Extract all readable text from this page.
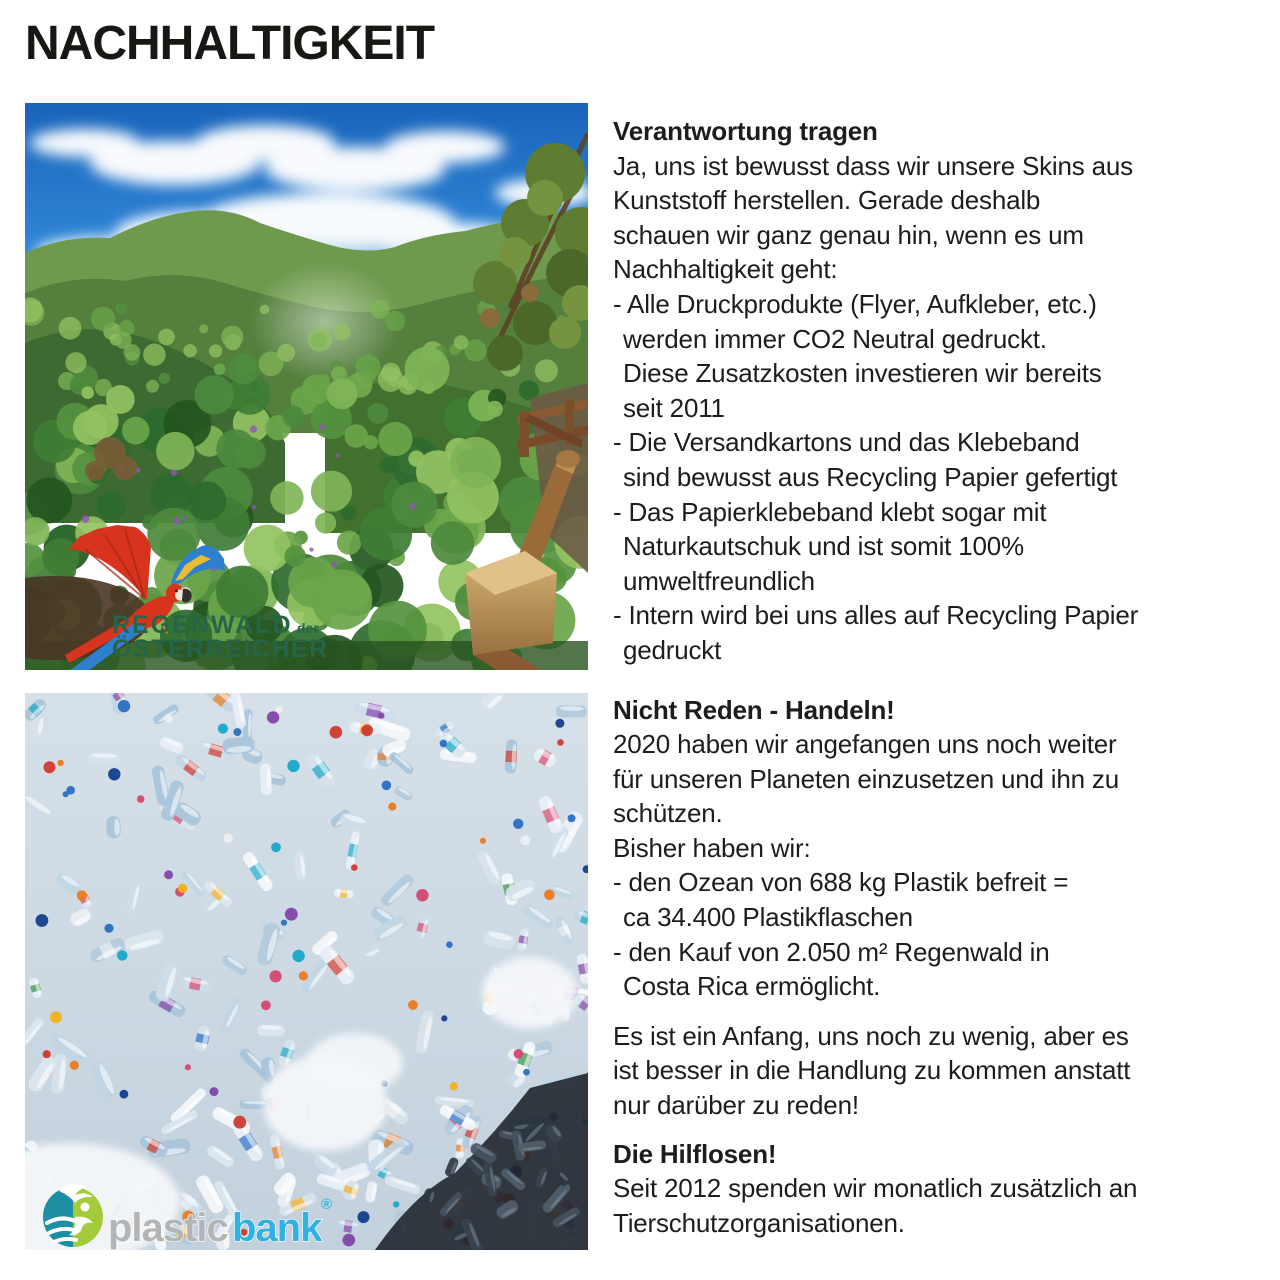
NACHHALTIGKEIT
REGENWALD der
ÖSTERREICHER
plastic bank
®
Verantwortung tragen
Ja, uns ist bewusst dass wir unsere Skins aus
Kunststoff herstellen. Gerade deshalb
schauen wir ganz genau hin, wenn es um
Nachhaltigkeit geht:
- Alle Druckprodukte (Flyer, Aufkleber, etc.)
werden immer CO2 Neutral gedruckt.
Diese Zusatzkosten investieren wir bereits
seit 2011
- Die Versandkartons und das Klebeband
sind bewusst aus Recycling Papier gefertigt
- Das Papierklebeband klebt sogar mit
Naturkautschuk und ist somit 100%
umweltfreundlich
- Intern wird bei uns alles auf Recycling Papier
gedruckt
Nicht Reden - Handeln!
2020 haben wir angefangen uns noch weiter
für unseren Planeten einzusetzen und ihn zu
schützen.
Bisher haben wir:
- den Ozean von 688 kg Plastik befreit =
ca 34.400 Plastikflaschen
- den Kauf von 2.050 m² Regenwald in
Costa Rica ermöglicht.
Es ist ein Anfang, uns noch zu wenig, aber es
ist besser in die Handlung zu kommen anstatt
nur darüber zu reden!
Die Hilflosen!
Seit 2012 spenden wir monatlich zusätzlich an
Tierschutzorganisationen.
